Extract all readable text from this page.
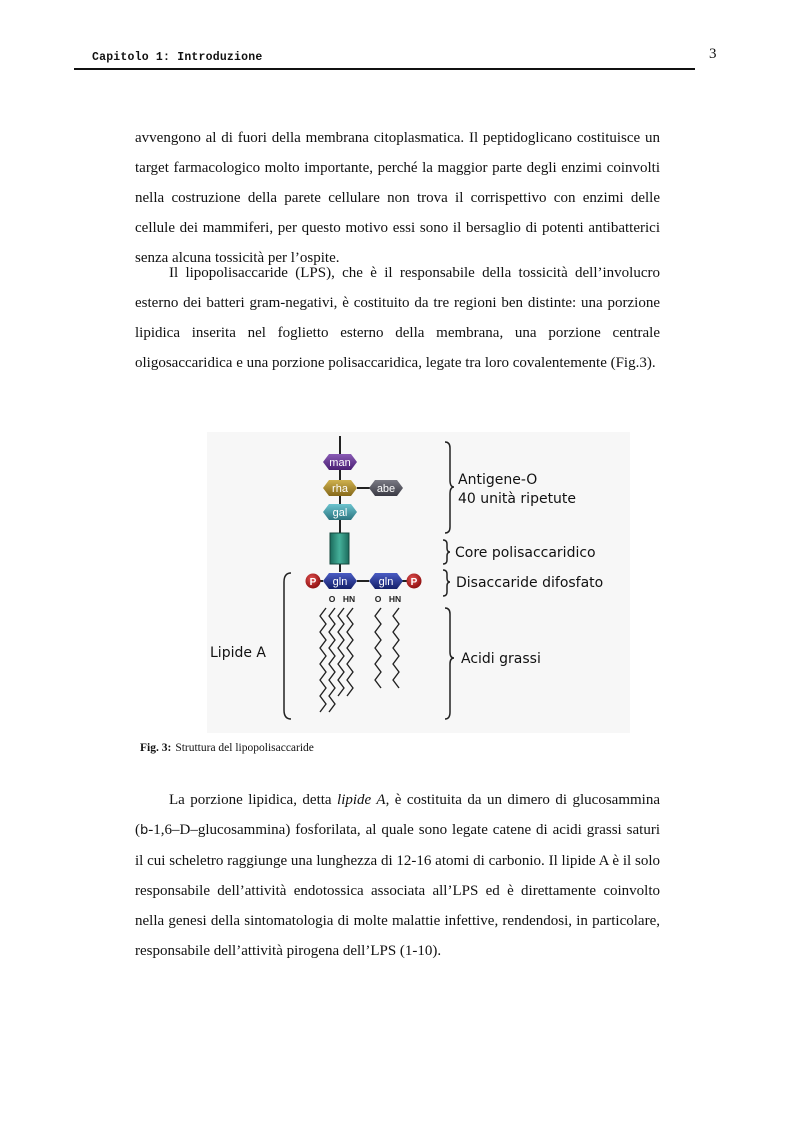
Capitolo 1: Introduzione	3

avvengono al di fuori della membrana citoplasmatica. Il peptidoglicano costituisce un target farmacologico molto importante, perché la maggior parte degli enzimi coinvolti nella costruzione della parete cellulare non trova il corrispettivo con enzimi delle cellule dei mammiferi, per questo motivo essi sono il bersaglio di potenti antibatterici senza alcuna tossicità per l’ospite.

Il lipopolisaccaride (LPS), che è il responsabile della tossicità dell’involucro esterno dei batteri gram-negativi, è costituito da tre regioni ben distinte: una porzione lipidica inserita nel foglietto esterno della membrana, una porzione centrale oligosaccaridica e una porzione polisaccaridica, legate tra loro covalentemente (Fig.3).

man
rha	abe
gal
gln	gln
P	P
O HN O HN
Antigene-O
40 unità ripetute
Core polisaccaridico
Disaccaride difosfato
Lipide A	Acidi grassi
Fig. 3: Struttura del lipopolisaccaride

La porzione lipidica, detta lipide A, è costituita da un dimero di glucosammina (b-1,6–D–glucosammina) fosforilata, al quale sono legate catene di acidi grassi saturi il cui scheletro raggiunge una lunghezza di 12-16 atomi di carbonio. Il lipide A è il solo responsabile dell’attività endotossica associata all’LPS ed è direttamente coinvolto nella genesi della sintomatologia di molte malattie infettive, rendendosi, in particolare, responsabile dell’attività pirogena dell’LPS (1-10).
